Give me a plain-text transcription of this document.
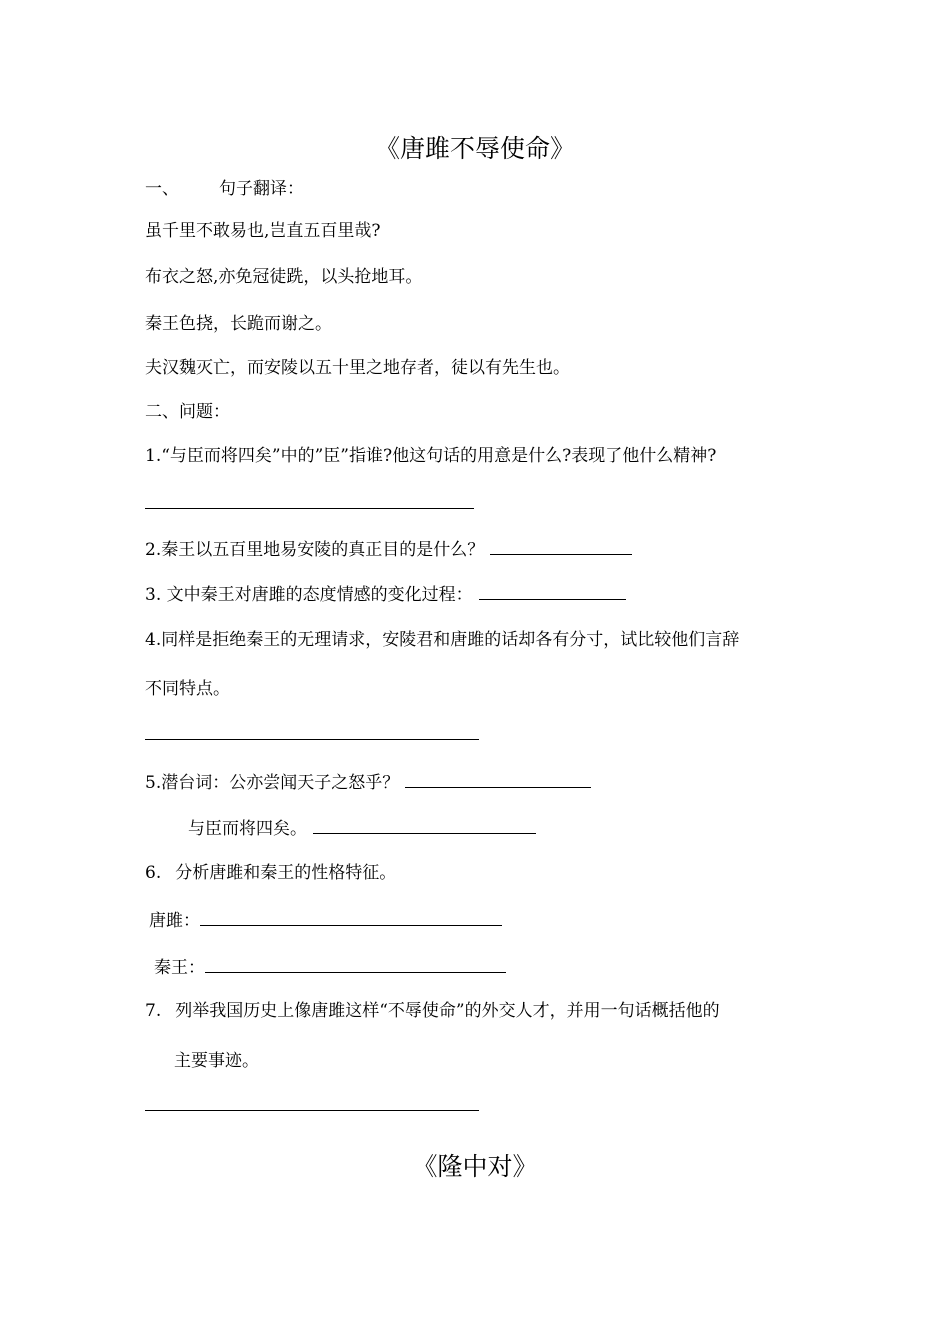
《唐雎不辱使命》
一、 句子翻译：
虽千里不敢易也,岂直五百里哉?
布衣之怒,亦免冠徒跣，以头抢地耳。
秦王色挠，长跪而谢之。
夫汉魏灭亡，而安陵以五十里之地存者，徒以有先生也。
二、问题：
1.“与臣而将四矣”中的”臣”指谁?他这句话的用意是什么?表现了他什么精神?
2.秦王以五百里地易安陵的真正目的是什么？
3. 文中秦王对唐雎的态度情感的变化过程：
4.同样是拒绝秦王的无理请求，安陵君和唐雎的话却各有分寸，试比较他们言辞
不同特点。
5.潜台词：公亦尝闻天子之怒乎？
与臣而将四矣。
6. 分析唐雎和秦王的性格特征。
唐雎：
秦王：
7. 列举我国历史上像唐雎这样“不辱使命”的外交人才，并用一句话概括他的
主要事迹。
《隆中对》
